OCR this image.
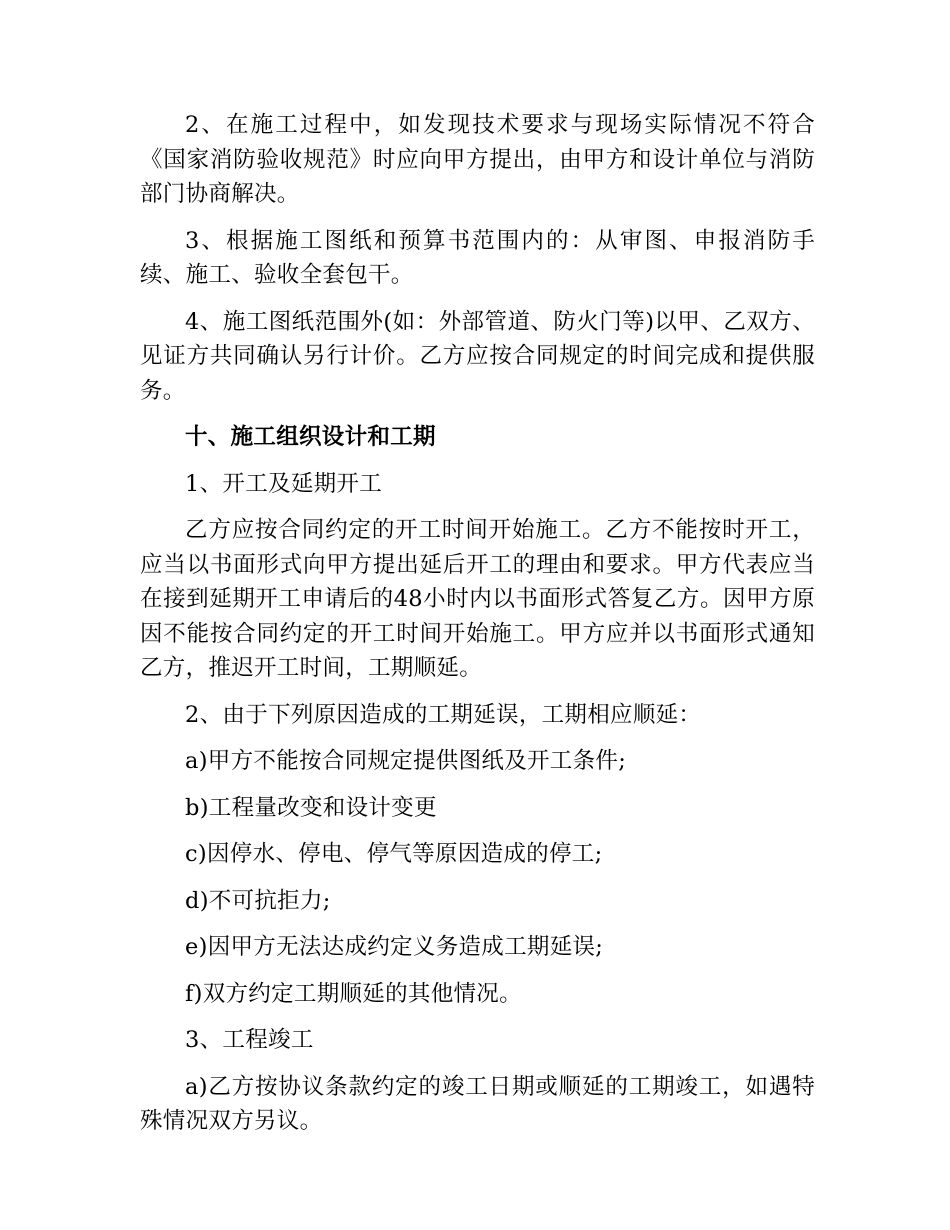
2、在施工过程中，如发现技术要求与现场实际情况不符合《国家消防验收规范》时应向甲方提出，由甲方和设计单位与消防部门协商解决。

3、根据施工图纸和预算书范围内的：从审图、申报消防手续、施工、验收全套包干。

4、施工图纸范围外(如：外部管道、防火门等)以甲、乙双方、见证方共同确认另行计价。乙方应按合同规定的时间完成和提供服务。

十、施工组织设计和工期

1、开工及延期开工

乙方应按合同约定的开工时间开始施工。乙方不能按时开工，应当以书面形式向甲方提出延后开工的理由和要求。甲方代表应当在接到延期开工申请后的48小时内以书面形式答复乙方。因甲方原因不能按合同约定的开工时间开始施工。甲方应并以书面形式通知乙方，推迟开工时间，工期顺延。

2、由于下列原因造成的工期延误，工期相应顺延：

a)甲方不能按合同规定提供图纸及开工条件;

b)工程量改变和设计变更

c)因停水、停电、停气等原因造成的停工;

d)不可抗拒力;

e)因甲方无法达成约定义务造成工期延误;

f)双方约定工期顺延的其他情况。

3、工程竣工

a)乙方按协议条款约定的竣工日期或顺延的工期竣工，如遇特殊情况双方另议。
